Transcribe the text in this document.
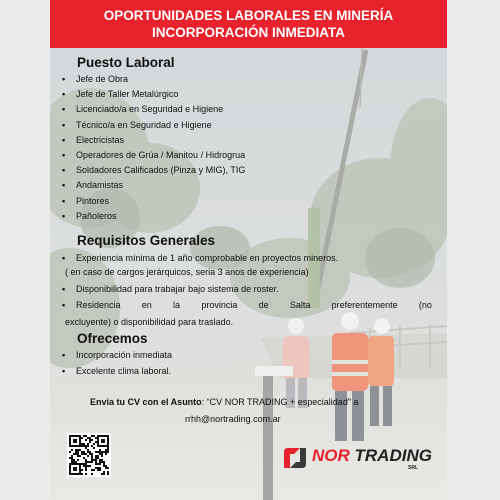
OPORTUNIDADES LABORALES EN MINERÍA
INCORPORACIÓN INMEDIATA
Puesto Laboral
• Jefe de Obra
• Jefe de Taller Metalúrgico
• Licenciado/a en Seguridad e Higiene
• Técnico/a en Seguridad e Higiene
• Electricistas
• Operadores de Grúa / Manitou / Hidrogrua
• Soldadores Calificados (Pinza y MIG), TIG
• Andamistas
• Pintores
• Pañoleros
Requisitos Generales
• Experiencia mínima de 1 año comprobable en proyectos mineros.
( en caso de cargos jerárquicos, seria 3 anos de experiencia)
• Disponibilidad para trabajar bajo sistema de roster.
•	Residencia en la provincia de Salta preferentemente (no
excluyente) o disponibilidad para traslado.
Ofrecemos
• Incorporación inmediata
• Excelente clima laboral.
Envia tu CV con el Asunto: “CV NOR TRADING + especialidad” a
rrhh@nortrading.com.ar
NOR TRADING
SRL
